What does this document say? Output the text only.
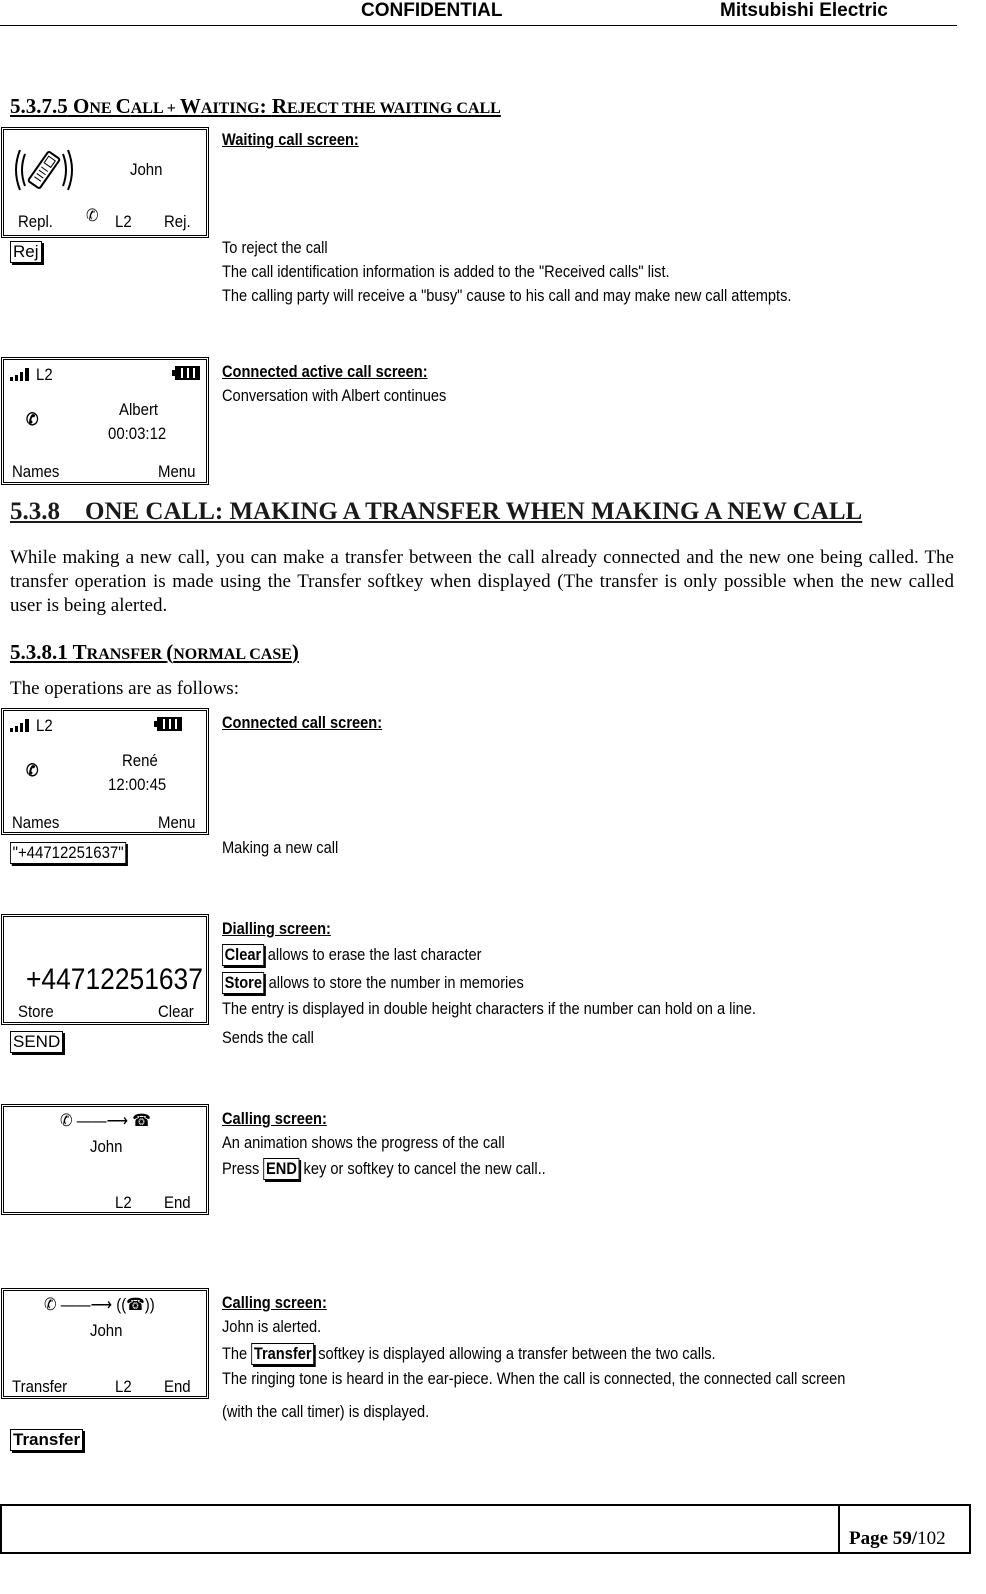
CONFIDENTIAL	Mitsubishi Electric
5.3.7.5 ONE CALL + WAITING: REJECT THE WAITING CALL
John
Repl. ✆ L2 Rej.
Waiting call screen:
Rej	To reject the call
The call identification information is added to the "Received calls" list.
The calling party will receive a "busy" cause to his call and may make new call attempts.
L2
✆
Albert
00:03:12
Names	Menu
Connected active call screen:
Conversation with Albert continues
5.3.8    ONE CALL: MAKING A TRANSFER WHEN MAKING A NEW CALL
While making a new call, you can make a transfer between the call already connected and the new one being called. The transfer operation is made using the Transfer softkey when displayed (The transfer is only possible when the new called user is being alerted.
5.3.8.1 TRANSFER (NORMAL CASE)
The operations are as follows:
L2
✆
René
12:00:45
Names	Menu
Connected call screen:
"+44712251637"	Making a new call
+44712251637
Store	Clear
Dialling screen:
Clear allows to erase the last character
Store allows to store the number in memories
The entry is displayed in double height characters if the number can hold on a line.
SEND	Sends the call
✆ ——⟶ ☎
John
L2 End
Calling screen:
An animation shows the progress of the call
Press END key or softkey to cancel the new call..
✆ ——⟶ ((☎))
John
Transfer	L2 End
Calling screen:
John is alerted.
The Transfer softkey is displayed allowing a transfer between the two calls.
The ringing tone is heard in the ear-piece. When the call is connected, the connected call screen
(with the call timer) is displayed.
Transfer
Page 59/102
